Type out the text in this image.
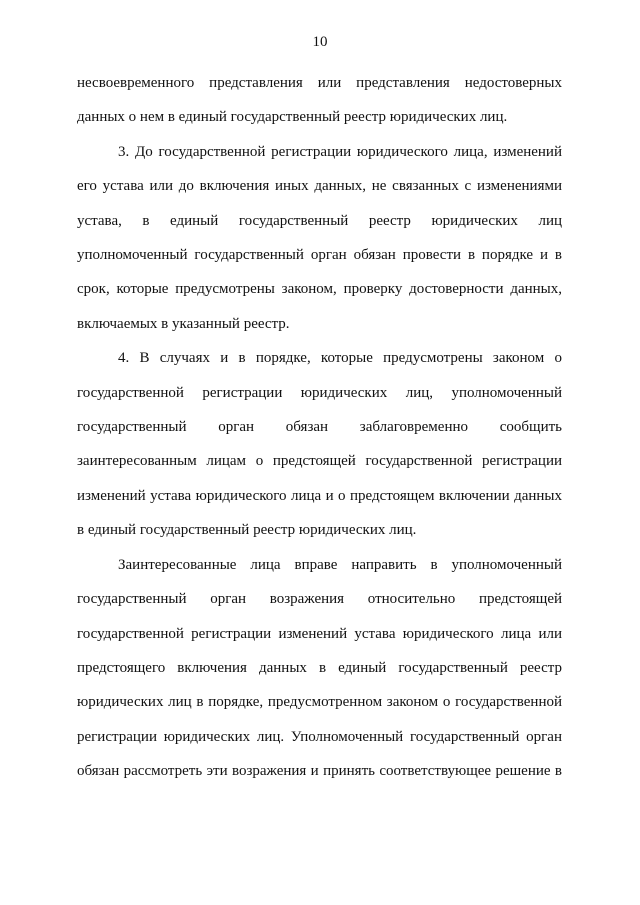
10

несвоевременного представления или представления недостоверных данных о нем в единый государственный реестр юридических лиц.

3. До государственной регистрации юридического лица, изменений его устава или до включения иных данных, не связанных с изменениями устава, в единый государственный реестр юридических лиц уполномоченный государственный орган обязан провести в порядке и в срок, которые предусмотрены законом, проверку достоверности данных, включаемых в указанный реестр.

4. В случаях и в порядке, которые предусмотрены законом о государственной регистрации юридических лиц, уполномоченный государственный орган обязан заблаговременно сообщить заинтересованным лицам о предстоящей государственной регистрации изменений устава юридического лица и о предстоящем включении данных в единый государственный реестр юридических лиц.

Заинтересованные лица вправе направить в уполномоченный государственный орган возражения относительно предстоящей государственной регистрации изменений устава юридического лица или предстоящего включения данных в единый государственный реестр юридических лиц в порядке, предусмотренном законом о государственной регистрации юридических лиц. Уполномоченный государственный орган обязан рассмотреть эти возражения и принять соответствующее решение в
